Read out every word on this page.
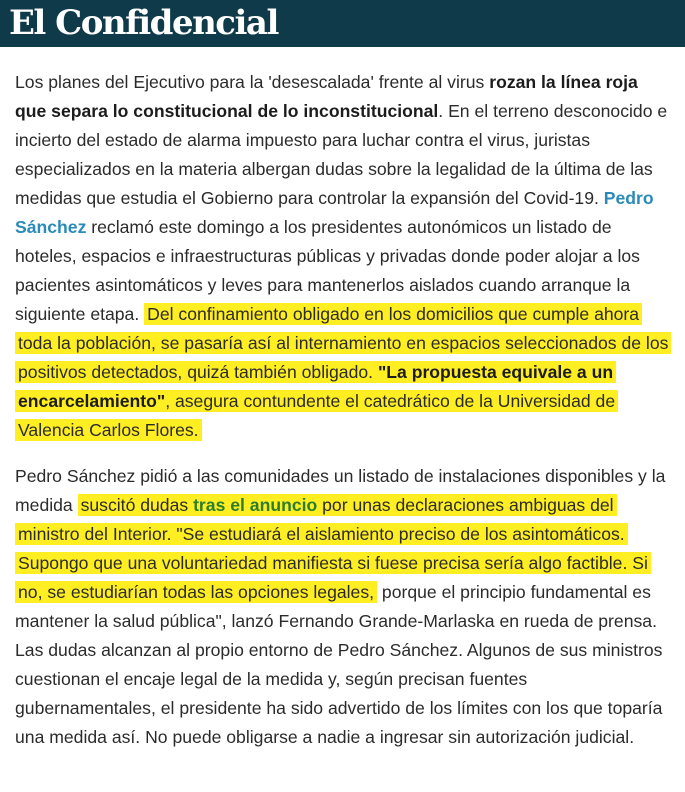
El Confidencial

Los planes del Ejecutivo para la 'desescalada' frente al virus rozan la línea roja que separa lo constitucional de lo inconstitucional. En el terreno desconocido e incierto del estado de alarma impuesto para luchar contra el virus, juristas especializados en la materia albergan dudas sobre la legalidad de la última de las medidas que estudia el Gobierno para controlar la expansión del Covid-19. Pedro Sánchez reclamó este domingo a los presidentes autonómicos un listado de hoteles, espacios e infraestructuras públicas y privadas donde poder alojar a los pacientes asintomáticos y leves para mantenerlos aislados cuando arranque la siguiente etapa. Del confinamiento obligado en los domicilios que cumple ahora toda la población, se pasaría así al internamiento en espacios seleccionados de los positivos detectados, quizá también obligado. "La propuesta equivale a un encarcelamiento", asegura contundente el catedrático de la Universidad de Valencia Carlos Flores.

Pedro Sánchez pidió a las comunidades un listado de instalaciones disponibles y la medida suscitó dudas tras el anuncio por unas declaraciones ambiguas del ministro del Interior. "Se estudiará el aislamiento preciso de los asintomáticos. Supongo que una voluntariedad manifiesta si fuese precisa sería algo factible. Si no, se estudiarían todas las opciones legales, porque el principio fundamental es mantener la salud pública", lanzó Fernando Grande-Marlaska en rueda de prensa. Las dudas alcanzan al propio entorno de Pedro Sánchez. Algunos de sus ministros cuestionan el encaje legal de la medida y, según precisan fuentes gubernamentales, el presidente ha sido advertido de los límites con los que toparía una medida así. No puede obligarse a nadie a ingresar sin autorización judicial.
